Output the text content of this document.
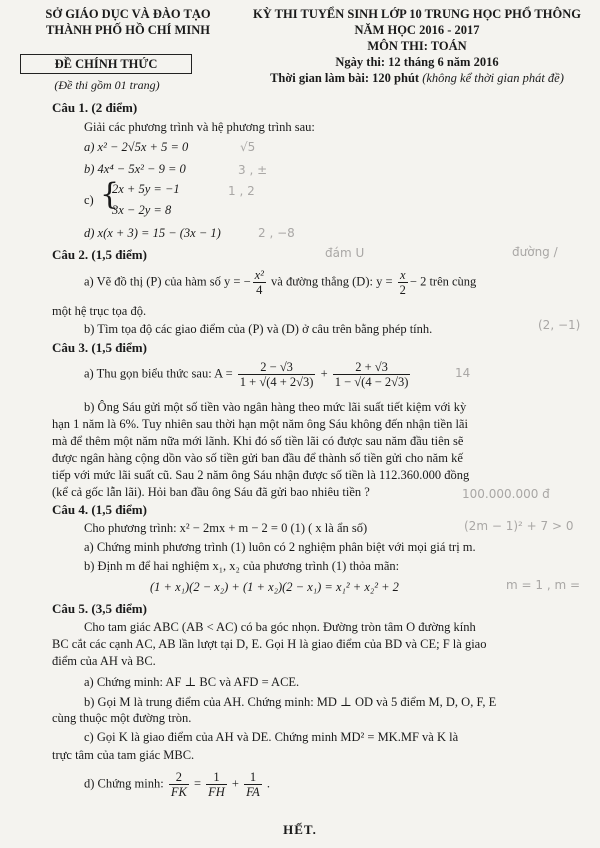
SỞ GIÁO DỤC VÀ ĐÀO TẠO
THÀNH PHỐ HỒ CHÍ MINH
KỲ THI TUYỂN SINH LỚP 10 TRUNG HỌC PHỔ THÔNG
NĂM HỌC 2016 - 2017
MÔN THI: TOÁN
Ngày thi: 12 tháng 6 năm 2016
Thời gian làm bài: 120 phút (không kể thời gian phát đề)
ĐỀ CHÍNH THỨC
(Đề thi gồm 01 trang)
Câu 1. (2 điểm)
Giải các phương trình và hệ phương trình sau:
a) x² − 2√5x + 5 = 0
b) 4x⁴ − 5x² − 9 = 0
c) {
2x + 5y = −1
3x − 2y = 8
d) x(x + 3) = 15 − (3x − 1)
Câu 2. (1,5 điểm)
a) Vẽ đồ thị (P) của hàm số y = − $\frac{\text{x²}}{4}$ và đường thẳng (D): $y = \frac{x}{2} - 2$ trên cùng
một hệ trục tọa độ.
b) Tìm tọa độ các giao điểm của (P) và (D) ở câu trên bằng phép tính.
Câu 3. (1,5 điểm)
a) Thu gọn biểu thức sau: $A = \frac{2 - √3}{1 + √(4 + 2√3)} + \frac{2 + √3}{1 - √(4 - 2√3)}$
b) Ông Sáu gửi một số tiền vào ngân hàng theo mức lãi suất tiết kiệm với kỳ
hạn 1 năm là 6%. Tuy nhiên sau thời hạn một năm ông Sáu không đến nhận tiền lãi
mà để thêm một năm nữa mới lãnh. Khi đó số tiền lãi có được sau năm đầu tiên sẽ
được ngân hàng cộng dồn vào số tiền gửi ban đầu để thành số tiền gửi cho năm kế
tiếp với mức lãi suất cũ. Sau 2 năm ông Sáu nhận được số tiền là 112.360.000 đồng
(kể cả gốc lẫn lãi). Hỏi ban đầu ông Sáu đã gửi bao nhiêu tiền ?
Câu 4. (1,5 điểm)
Cho phương trình: x² − 2mx + m − 2 = 0 (1) ( x là ẩn số)
a) Chứng minh phương trình (1) luôn có 2 nghiệm phân biệt với mọi giá trị m.
b) Định m để hai nghiệm x₁, x₂ của phương trình (1) thỏa mãn:
(1 + x₁)(2 − x₂) + (1 + x₂)(2 − x₁) = x₁² + x₂² + 2
Câu 5. (3,5 điểm)
Cho tam giác ABC (AB < AC) có ba góc nhọn. Đường tròn tâm O đường kính
BC cắt các cạnh AC, AB lần lượt tại D, E. Gọi H là giao điểm của BD và CE; F là giao
điểm của AH và BC.
a) Chứng minh: AF ⊥ BC và AFD = ACE.
b) Gọi M là trung điểm của AH. Chứng minh: MD ⊥ OD và 5 điểm M, D, O, F, E
cùng thuộc một đường tròn.
c) Gọi K là giao điểm của AH và DE. Chứng minh MD² = MK.MF và K là
trực tâm của tam giác MBC.
d) Chứng minh: $\frac{2}{FK} = \frac{1}{FH} + \frac{1}{FA}$ .
√5
3 , ±
1 , 2
2 , −8
đám U	đường /
(2, −1)
14
100.000.000 đ
(2m − 1)² + 7 > 0
m = 1 , m =
HẾT.
